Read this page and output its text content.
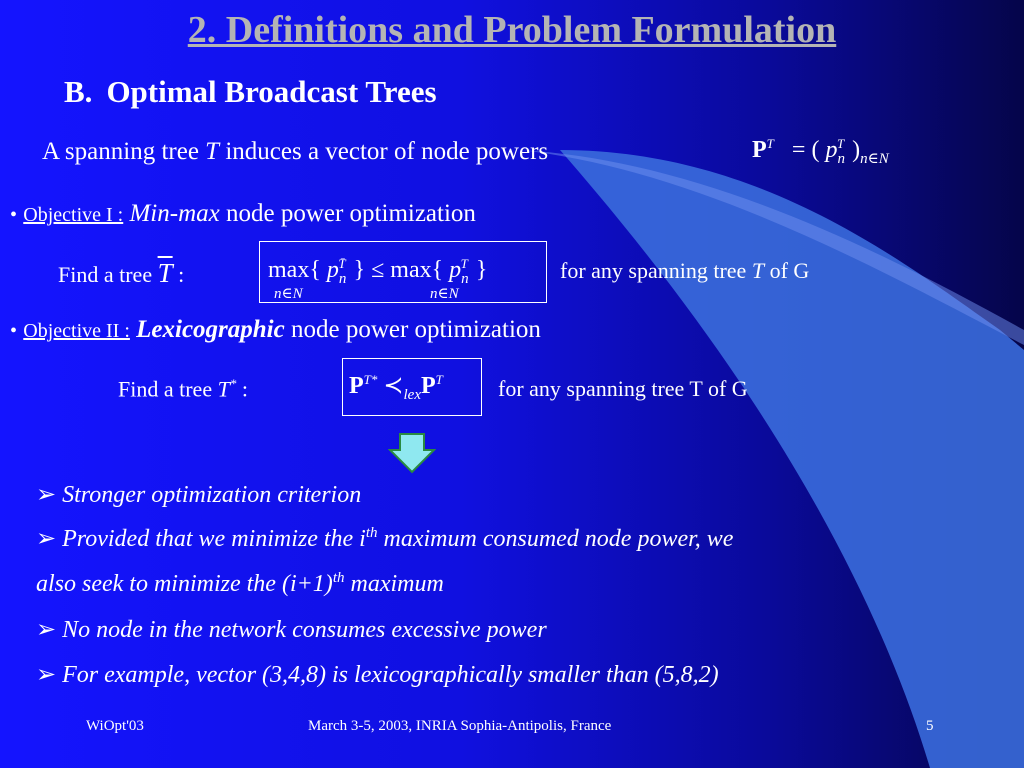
2. Definitions and Problem Formulation
B. Optimal Broadcast Trees
A spanning tree T induces a vector of node powers	$P^T$   = ( $p_n^T$ )$_{n\in N}$
• Objective I : Min-max node power optimization
Find a tree $\overline{T}$ :	max{ $p_n^{T̄}$ } ≤ max{ $p_n^T$ }
n∈N	n∈N
for any spanning tree T of G
• Objective II : Lexicographic node power optimization
Find a tree T* :	$P^{T*}$ $≺_{lex}P^T$	for any spanning tree T of G
➢ Stronger optimization criterion
➢ Provided that we minimize the $i^{th}$ maximum consumed node power, we
also seek to minimize the $(i+1)^{th}$ maximum
➢ No node in the network consumes excessive power
➢ For example, vector (3,4,8) is lexicographically smaller than (5,8,2)
WiOpt'03	March 3-5, 2003, INRIA Sophia-Antipolis, France	5
